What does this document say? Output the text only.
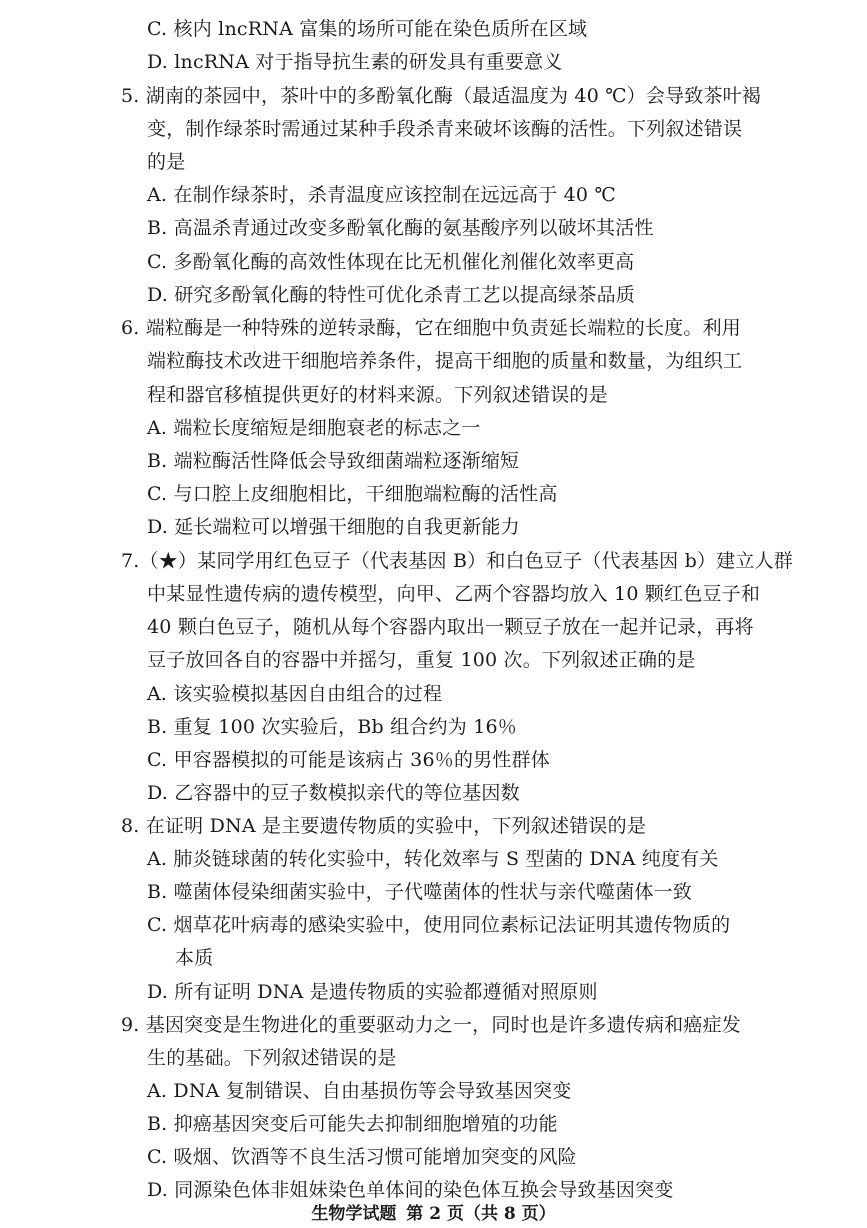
C. 核内 lncRNA 富集的场所可能在染色质所在区域
D. lncRNA 对于指导抗生素的研发具有重要意义
5. 湖南的茶园中，茶叶中的多酚氧化酶（最适温度为 40 ℃）会导致茶叶褐
变，制作绿茶时需通过某种手段杀青来破坏该酶的活性。下列叙述错误
的是
A. 在制作绿茶时，杀青温度应该控制在远远高于 40 ℃
B. 高温杀青通过改变多酚氧化酶的氨基酸序列以破坏其活性
C. 多酚氧化酶的高效性体现在比无机催化剂催化效率更高
D. 研究多酚氧化酶的特性可优化杀青工艺以提高绿茶品质
6. 端粒酶是一种特殊的逆转录酶，它在细胞中负责延长端粒的长度。利用
端粒酶技术改进干细胞培养条件，提高干细胞的质量和数量，为组织工
程和器官移植提供更好的材料来源。下列叙述错误的是
A. 端粒长度缩短是细胞衰老的标志之一
B. 端粒酶活性降低会导致细菌端粒逐渐缩短
C. 与口腔上皮细胞相比，干细胞端粒酶的活性高
D. 延长端粒可以增强干细胞的自我更新能力
7.（★）某同学用红色豆子（代表基因 B）和白色豆子（代表基因 b）建立人群
中某显性遗传病的遗传模型，向甲、乙两个容器均放入 10 颗红色豆子和
40 颗白色豆子，随机从每个容器内取出一颗豆子放在一起并记录，再将
豆子放回各自的容器中并摇匀，重复 100 次。下列叙述正确的是
A. 该实验模拟基因自由组合的过程
B. 重复 100 次实验后，Bb 组合约为 16％
C. 甲容器模拟的可能是该病占 36％的男性群体
D. 乙容器中的豆子数模拟亲代的等位基因数
8. 在证明 DNA 是主要遗传物质的实验中，下列叙述错误的是
A. 肺炎链球菌的转化实验中，转化效率与 S 型菌的 DNA 纯度有关
B. 噬菌体侵染细菌实验中，子代噬菌体的性状与亲代噬菌体一致
C. 烟草花叶病毒的感染实验中，使用同位素标记法证明其遗传物质的
本质
D. 所有证明 DNA 是遗传物质的实验都遵循对照原则
9. 基因突变是生物进化的重要驱动力之一，同时也是许多遗传病和癌症发
生的基础。下列叙述错误的是
A. DNA 复制错误、自由基损伤等会导致基因突变
B. 抑癌基因突变后可能失去抑制细胞增殖的功能
C. 吸烟、饮酒等不良生活习惯可能增加突变的风险
D. 同源染色体非姐妹染色单体间的染色体互换会导致基因突变
生物学试题 第 2 页（共 8 页）
